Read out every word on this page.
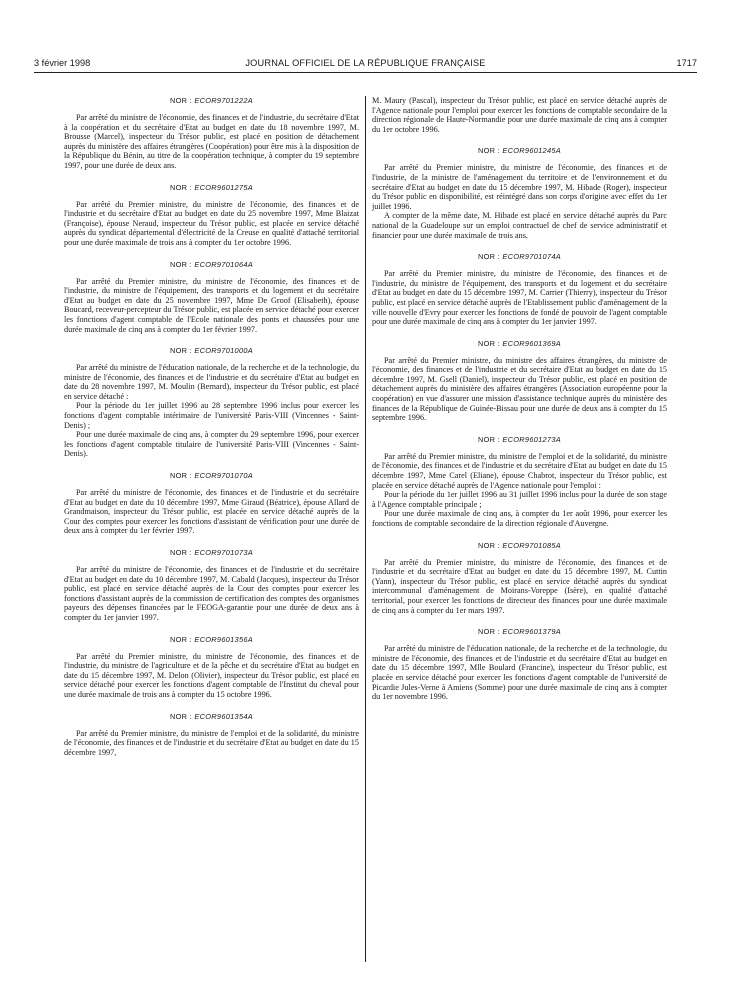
3 février 1998	JOURNAL OFFICIEL DE LA RÉPUBLIQUE FRANÇAISE	1717
NOR : ECOR9701222A

Par arrêté du ministre de l'économie, des finances et de l'industrie, du secrétaire d'Etat à la coopération et du secrétaire d'Etat au budget en date du 18 novembre 1997, M. Brousse (Marcel), inspecteur du Trésor public, est placé en position de détachement auprès du ministère des affaires étrangères (Coopération) pour être mis à la disposition de la République du Bénin, au titre de la coopération technique, à compter du 19 septembre 1997, pour une durée de deux ans.

NOR : ECOR9601275A

Par arrêté du Premier ministre, du ministre de l'économie, des finances et de l'industrie et du secrétaire d'Etat au budget en date du 25 novembre 1997, Mme Blaizat (Françoise), épouse Neraud, inspecteur du Trésor public, est placée en service détaché auprès du syndicat départemental d'électricité de la Creuse en qualité d'attaché territorial pour une durée maximale de trois ans à compter du 1er octobre 1996.

NOR : ECOR9701064A

Par arrêté du Premier ministre, du ministre de l'économie, des finances et de l'industrie, du ministre de l'équipement, des transports et du logement et du secrétaire d'Etat au budget en date du 25 novembre 1997, Mme De Groof (Elisabeth), épouse Boucard, receveur-percepteur du Trésor public, est placée en service détaché pour exercer les fonctions d'agent comptable de l'Ecole nationale des ponts et chaussées pour une durée maximale de cinq ans à compter du 1er février 1997.

NOR : ECOR9701000A

Par arrêté du ministre de l'éducation nationale, de la recherche et de la technologie, du ministre de l'économie, des finances et de l'industrie et du secrétaire d'Etat au budget en date du 28 novembre 1997, M. Moulin (Bernard), inspecteur du Trésor public, est placé en service détaché :

Pour la période du 1er juillet 1996 au 28 septembre 1996 inclus pour exercer les fonctions d'agent comptable intérimaire de l'université Paris-VIII (Vincennes - Saint-Denis) ;

Pour une durée maximale de cinq ans, à compter du 29 septembre 1996, pour exercer les fonctions d'agent comptable titulaire de l'université Paris-VIII (Vincennes - Saint-Denis).

NOR : ECOR9701070A

Par arrêté du ministre de l'économie, des finances et de l'industrie et du secrétaire d'Etat au budget en date du 10 décembre 1997, Mme Giraud (Béatrice), épouse Allard de Grandmaison, inspecteur du Trésor public, est placée en service détaché auprès de la Cour des comptes pour exercer les fonctions d'assistant de vérification pour une durée de deux ans à compter du 1er février 1997.

NOR : ECOR9701073A

Par arrêté du ministre de l'économie, des finances et de l'industrie et du secrétaire d'Etat au budget en date du 10 décembre 1997, M. Cabald (Jacques), inspecteur du Trésor public, est placé en service détaché auprès de la Cour des comptes pour exercer les fonctions d'assistant auprès de la commission de certification des comptes des organismes payeurs des dépenses financées par le FEOGA-garantie pour une durée de deux ans à compter du 1er janvier 1997.

NOR : ECOR9601356A

Par arrêté du Premier ministre, du ministre de l'économie, des finances et de l'industrie, du ministre de l'agriculture et de la pêche et du secrétaire d'Etat au budget en date du 15 décembre 1997, M. Delon (Olivier), inspecteur du Trésor public, est placé en service détaché pour exercer les fonctions d'agent comptable de l'Institut du cheval pour une durée maximale de trois ans à compter du 15 octobre 1996.

NOR : ECOR9601354A

Par arrêté du Premier ministre, du ministre de l'emploi et de la solidarité, du ministre de l'économie, des finances et de l'industrie et du secrétaire d'Etat au budget en date du 15 décembre 1997,

M. Maury (Pascal), inspecteur du Trésor public, est placé en service détaché auprès de l'Agence nationale pour l'emploi pour exercer les fonctions de comptable secondaire de la direction régionale de Haute-Normandie pour une durée maximale de cinq ans à compter du 1er octobre 1996.

NOR : ECOR9601245A

Par arrêté du Premier ministre, du ministre de l'économie, des finances et de l'industrie, de la ministre de l'aménagement du territoire et de l'environnement et du secrétaire d'Etat au budget en date du 15 décembre 1997, M. Hibade (Roger), inspecteur du Trésor public en disponibilité, est réintégré dans son corps d'origine avec effet du 1er juillet 1996.

A compter de la même date, M. Hibade est placé en service détaché auprès du Parc national de la Guadeloupe sur un emploi contractuel de chef de service administratif et financier pour une durée maximale de trois ans.

NOR : ECOR9701074A

Par arrêté du Premier ministre, du ministre de l'économie, des finances et de l'industrie, du ministre de l'équipement, des transports et du logement et du secrétaire d'Etat au budget en date du 15 décembre 1997, M. Carrier (Thierry), inspecteur du Trésor public, est placé en service détaché auprès de l'Etablissement public d'aménagement de la ville nouvelle d'Evry pour exercer les fonctions de fondé de pouvoir de l'agent comptable pour une durée maximale de cinq ans à compter du 1er janvier 1997.

NOR : ECOR9601369A

Par arrêté du Premier ministre, du ministre des affaires étrangères, du ministre de l'économie, des finances et de l'industrie et du secrétaire d'Etat au budget en date du 15 décembre 1997, M. Gsell (Daniel), inspecteur du Trésor public, est placé en position de détachement auprès du ministère des affaires étrangères (Association européenne pour la coopération) en vue d'assurer une mission d'assistance technique auprès du ministère des finances de la République de Guinée-Bissau pour une durée de deux ans à compter du 15 septembre 1996.

NOR : ECOR9601273A

Par arrêté du Premier ministre, du ministre de l'emploi et de la solidarité, du ministre de l'économie, des finances et de l'industrie et du secrétaire d'Etat au budget en date du 15 décembre 1997, Mme Carel (Eliane), épouse Chabrot, inspecteur du Trésor public, est placée en service détaché auprès de l'Agence nationale pour l'emploi :

Pour la période du 1er juillet 1996 au 31 juillet 1996 inclus pour la durée de son stage à l'Agence comptable principale ;

Pour une durée maximale de cinq ans, à compter du 1er août 1996, pour exercer les fonctions de comptable secondaire de la direction régionale d'Auvergne.

NOR : ECOR9701085A

Par arrêté du Premier ministre, du ministre de l'économie, des finances et de l'industrie et du secrétaire d'Etat au budget en date du 15 décembre 1997, M. Cuttin (Yann), inspecteur du Trésor public, est placé en service détaché auprès du syndicat intercommunal d'aménagement de Moirans-Voreppe (Isère), en qualité d'attaché territorial, pour exercer les fonctions de directeur des finances pour une durée maximale de cinq ans à compter du 1er mars 1997.

NOR : ECOR9601379A

Par arrêté du ministre de l'éducation nationale, de la recherche et de la technologie, du ministre de l'économie, des finances et de l'industrie et du secrétaire d'Etat au budget en date du 15 décembre 1997, Mlle Boulard (Francine), inspecteur du Trésor public, est placée en service détaché pour exercer les fonctions d'agent comptable de l'université de Picardie Jules-Verne à Amiens (Somme) pour une durée maximale de cinq ans à compter du 1er novembre 1996.
